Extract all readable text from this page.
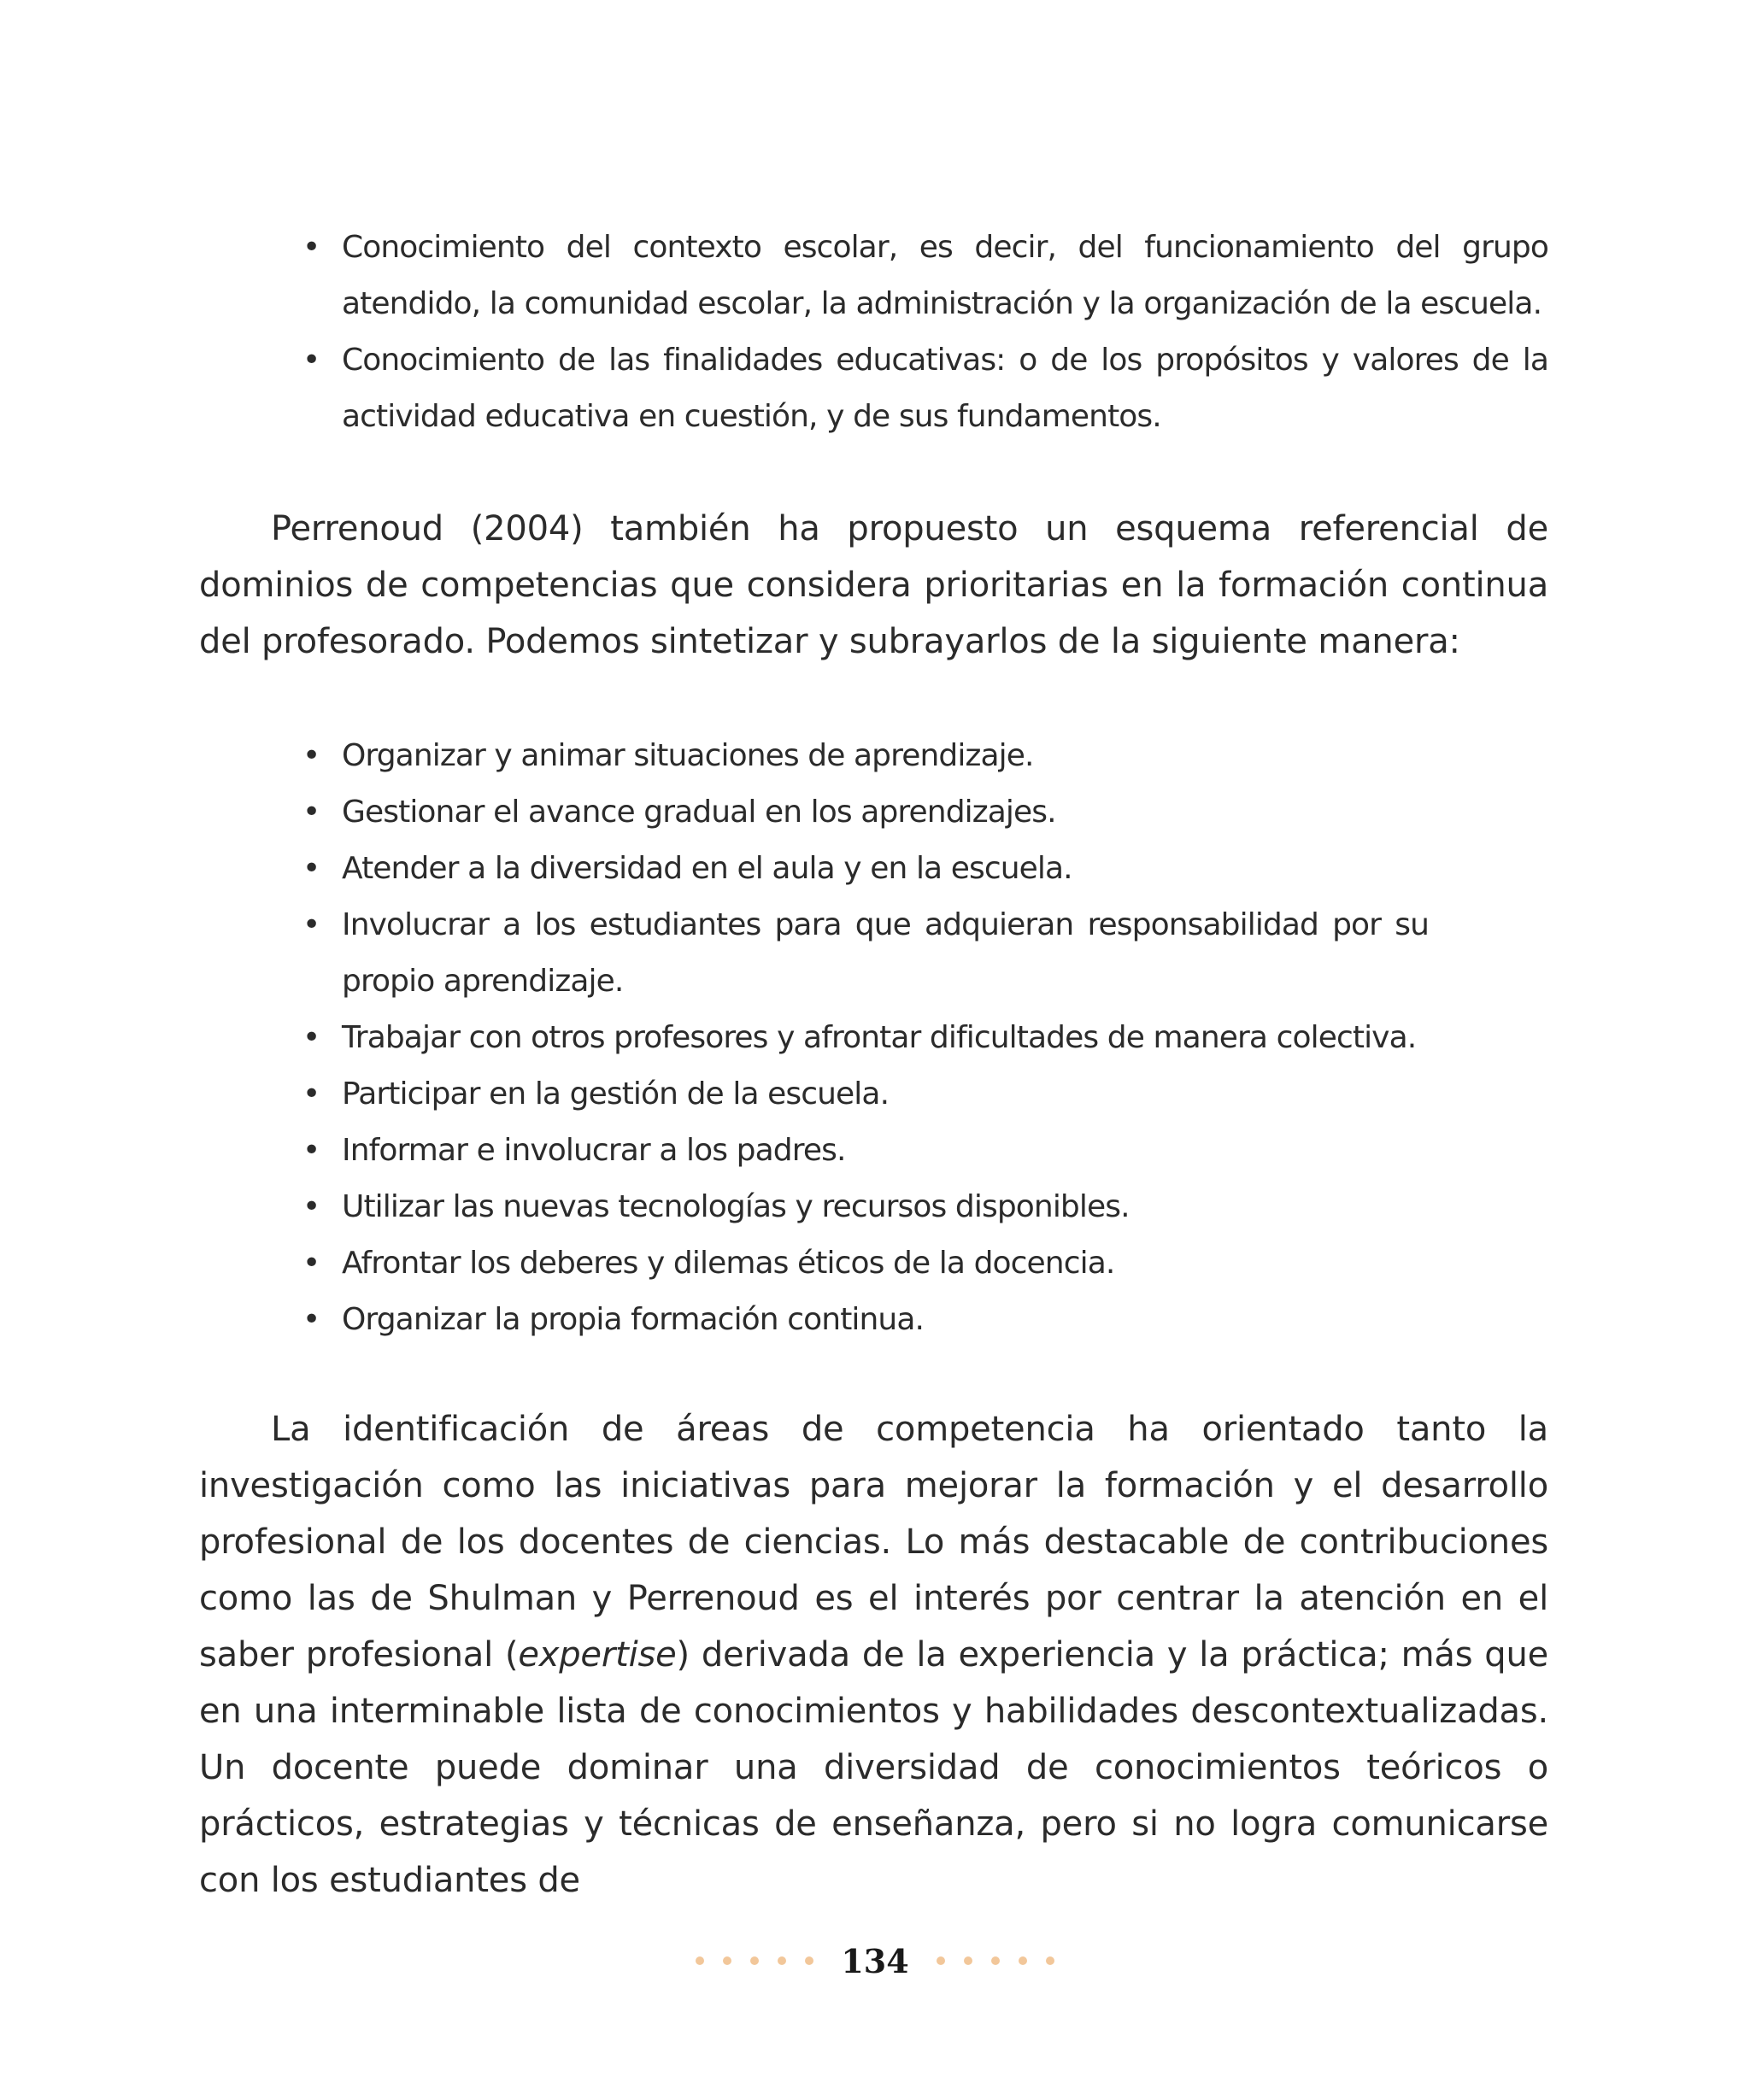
• Conocimiento del contexto escolar, es decir, del funcionamiento del grupo atendido, la comunidad escolar, la administración y la organización de la escuela.
• Conocimiento de las finalidades educativas: o de los propósitos y valores de la actividad educativa en cuestión, y de sus fundamentos.

Perrenoud (2004) también ha propuesto un esquema referencial de dominios de competencias que considera prioritarias en la formación continua del profesorado. Podemos sintetizar y subrayarlos de la siguiente manera:

• Organizar y animar situaciones de aprendizaje.
• Gestionar el avance gradual en los aprendizajes.
• Atender a la diversidad en el aula y en la escuela.
• Involucrar a los estudiantes para que adquieran responsabilidad por su propio aprendizaje.
• Trabajar con otros profesores y afrontar dificultades de manera colectiva.
• Participar en la gestión de la escuela.
• Informar e involucrar a los padres.
• Utilizar las nuevas tecnologías y recursos disponibles.
• Afrontar los deberes y dilemas éticos de la docencia.
• Organizar la propia formación continua.

La identificación de áreas de competencia ha orientado tanto la investigación como las iniciativas para mejorar la formación y el desarrollo profesional de los docentes de ciencias. Lo más destacable de contribuciones como las de Shulman y Perrenoud es el interés por centrar la atención en el saber profesional (expertise) derivada de la experiencia y la práctica; más que en una interminable lista de conocimientos y habilidades descontextualizadas. Un docente puede dominar una diversidad de conocimientos teóricos o prácticos, estrategias y técnicas de enseñanza, pero si no logra comunicarse con los estudiantes de

134
